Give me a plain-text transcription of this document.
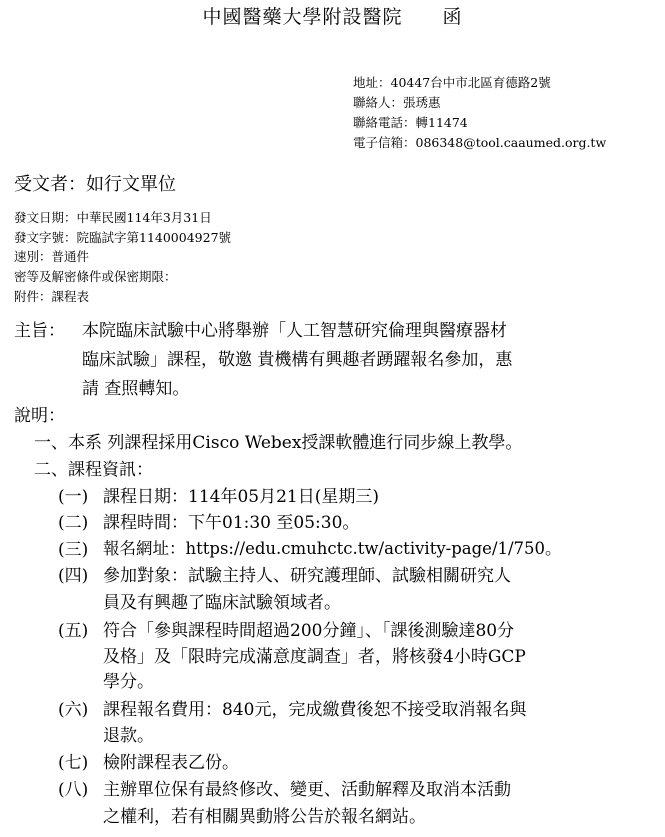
中國醫藥大學附設醫院 函
地址：40447台中市北區育德路2號
聯絡人：張琇惠
聯絡電話：轉11474
電子信箱：086348@tool.caaumed.org.tw
受文者：如行文單位
發文日期：中華民國114年3月31日
發文字號：院臨試字第1140004927號
速別：普通件
密等及解密條件或保密期限：
附件：課程表
主旨： 本院臨床試驗中心將舉辦「人工智慧研究倫理與醫療器材
臨床試驗」課程，敬邀 貴機構有興趣者踴躍報名參加，惠
請 查照轉知。
說明：
一、本系 列課程採用Cisco Webex授課軟體進行同步線上教學。
二、課程資訊：
(一) 課程日期：114年05月21日(星期三)
(二) 課程時間：下午01:30 至05:30。
(三) 報名網址：https://edu.cmuhctc.tw/activity-page/1/750。
(四) 參加對象：試驗主持人、研究護理師、試驗相關研究人
員及有興趣了臨床試驗領域者。
(五) 符合「參與課程時間超過200分鐘」、「課後測驗達80分
及格」及「限時完成滿意度調查」者，將核發4小時GCP
學分。
(六) 課程報名費用：840元，完成繳費後恕不接受取消報名與
退款。
(七) 檢附課程表乙份。
(八) 主辦單位保有最終修改、變更、活動解釋及取消本活動
之權利，若有相關異動將公告於報名網站。
